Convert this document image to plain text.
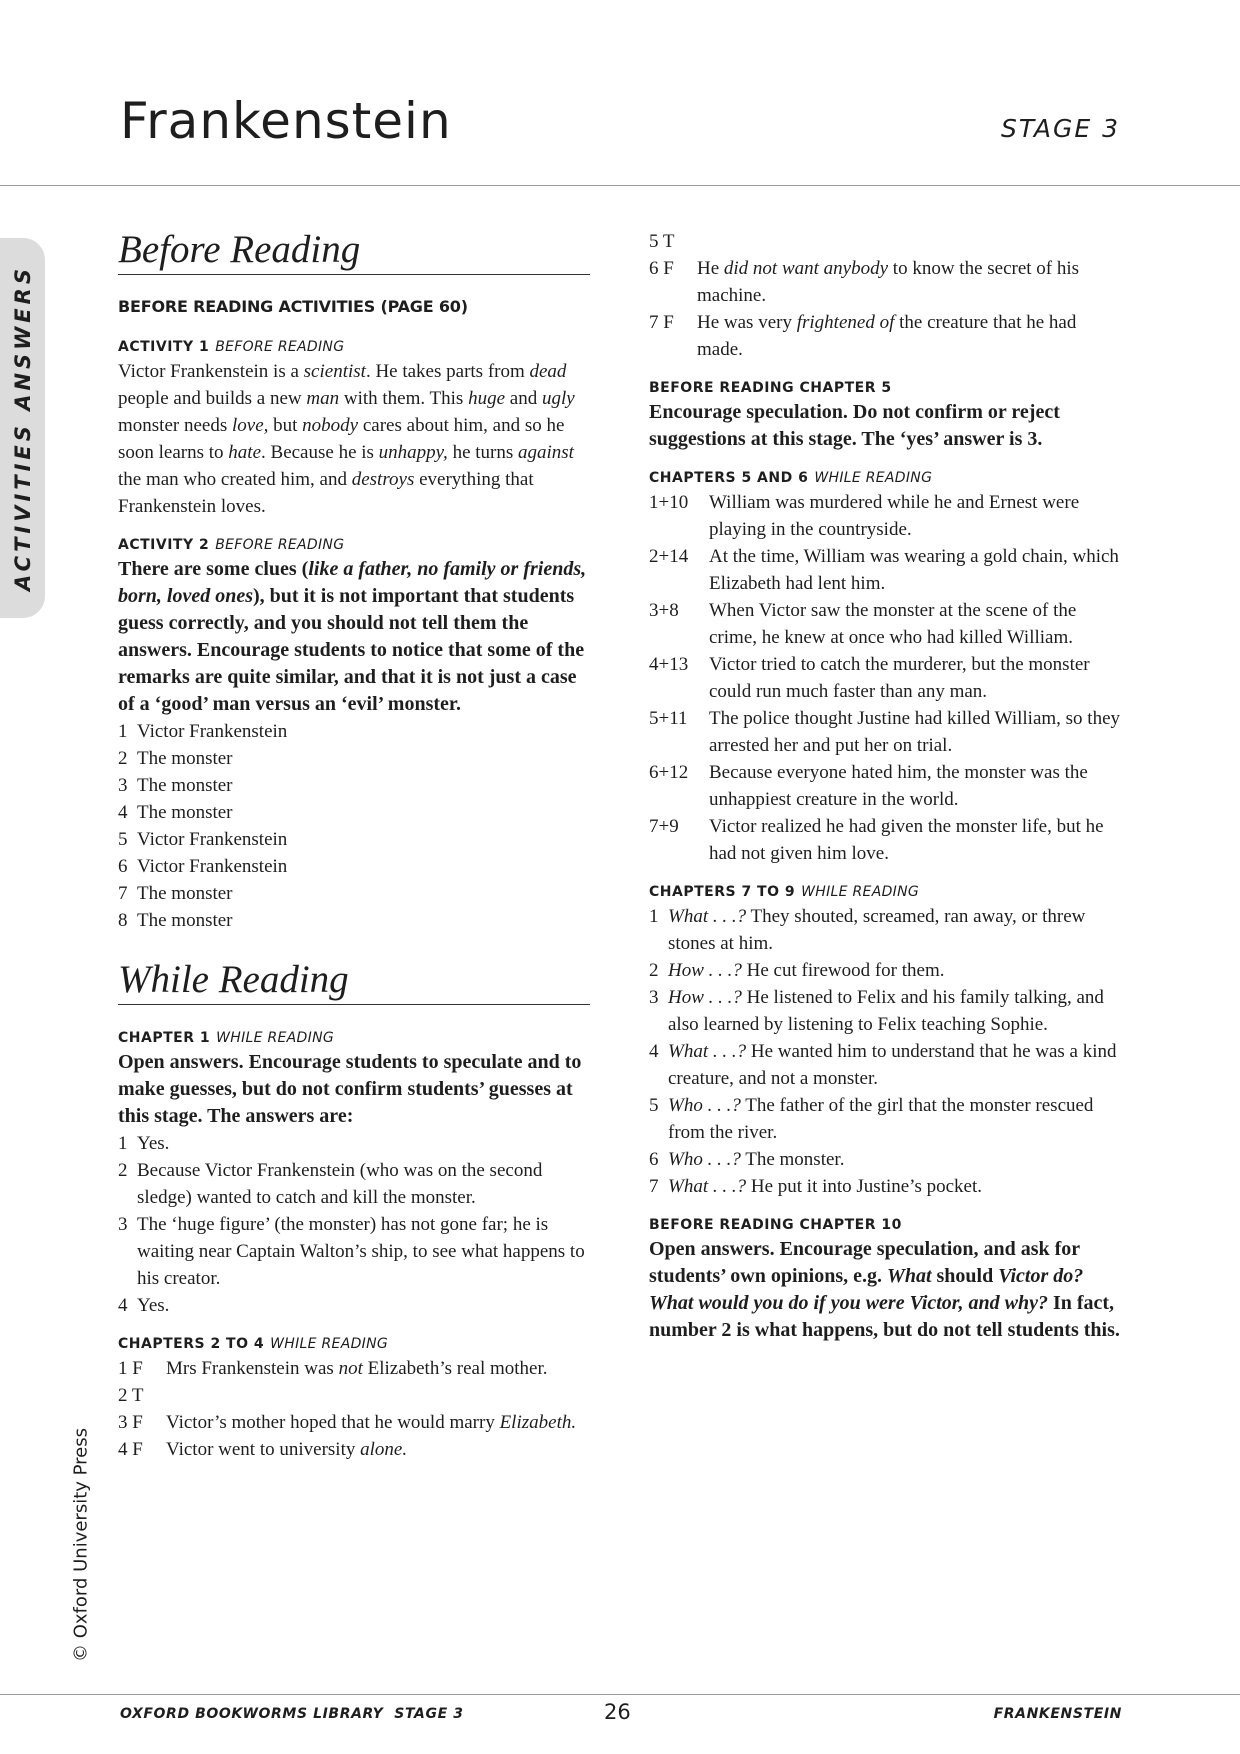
Frankenstein	STAGE 3
ACTIVITIES ANSWERS
© Oxford University Press
Before Reading
BEFORE READING ACTIVITIES (PAGE 60)
ACTIVITY 1 BEFORE READING

Victor Frankenstein is a scientist. He takes parts from dead people and builds a new man with them. This huge and ugly monster needs love, but nobody cares about him, and so he soon learns to hate. Because he is unhappy, he turns against the man who created him, and destroys everything that Frankenstein loves.

ACTIVITY 2 BEFORE READING

There are some clues (like a father, no family or friends, born, loved ones), but it is not important that students guess correctly, and you should not tell them the answers. Encourage students to notice that some of the remarks are quite similar, and that it is not just a case of a ‘good’ man versus an ‘evil’ monster.

1 Victor Frankenstein
2 The monster
3 The monster
4 The monster
5 Victor Frankenstein
6 Victor Frankenstein
7 The monster
8 The monster
While Reading
CHAPTER 1 WHILE READING

Open answers. Encourage students to speculate and to make guesses, but do not confirm students’ guesses at this stage. The answers are:

1 Yes.
2 Because Victor Frankenstein (who was on the second sledge) wanted to catch and kill the monster.
3 The ‘huge figure’ (the monster) has not gone far; he is waiting near Captain Walton’s ship, to see what happens to his creator.
4 Yes.
CHAPTERS 2 TO 4 WHILE READING
1 F	Mrs Frankenstein was not Elizabeth’s real mother.
2 T
3 F	Victor’s mother hoped that he would marry Elizabeth.
4 F	Victor went to university alone.
5 T
6 F	He did not want anybody to know the secret of his machine.
7 F	He was very frightened of the creature that he had made.
BEFORE READING CHAPTER 5

Encourage speculation. Do not confirm or reject suggestions at this stage. The ‘yes’ answer is 3.

CHAPTERS 5 AND 6 WHILE READING
1+10	William was murdered while he and Ernest were playing in the countryside.
2+14	At the time, William was wearing a gold chain, which Elizabeth had lent him.
3+8	When Victor saw the monster at the scene of the crime, he knew at once who had killed William.
4+13	Victor tried to catch the murderer, but the monster could run much faster than any man.
5+11	The police thought Justine had killed William, so they arrested her and put her on trial.
6+12	Because everyone hated him, the monster was the unhappiest creature in the world.
7+9	Victor realized he had given the monster life, but he had not given him love.
CHAPTERS 7 TO 9 WHILE READING
1 What . . .? They shouted, screamed, ran away, or threw stones at him.
2 How . . .? He cut firewood for them.
3 How . . .? He listened to Felix and his family talking, and also learned by listening to Felix teaching Sophie.
4 What . . .? He wanted him to understand that he was a kind creature, and not a monster.
5 Who . . .? The father of the girl that the monster rescued from the river.
6 Who . . .? The monster.
7 What . . .? He put it into Justine’s pocket.
BEFORE READING CHAPTER 10

Open answers. Encourage speculation, and ask for students’ own opinions, e.g. What should Victor do? What would you do if you were Victor, and why? In fact, number 2 is what happens, but do not tell students this.

OXFORD BOOKWORMS LIBRARY  STAGE 3	26	FRANKENSTEIN
